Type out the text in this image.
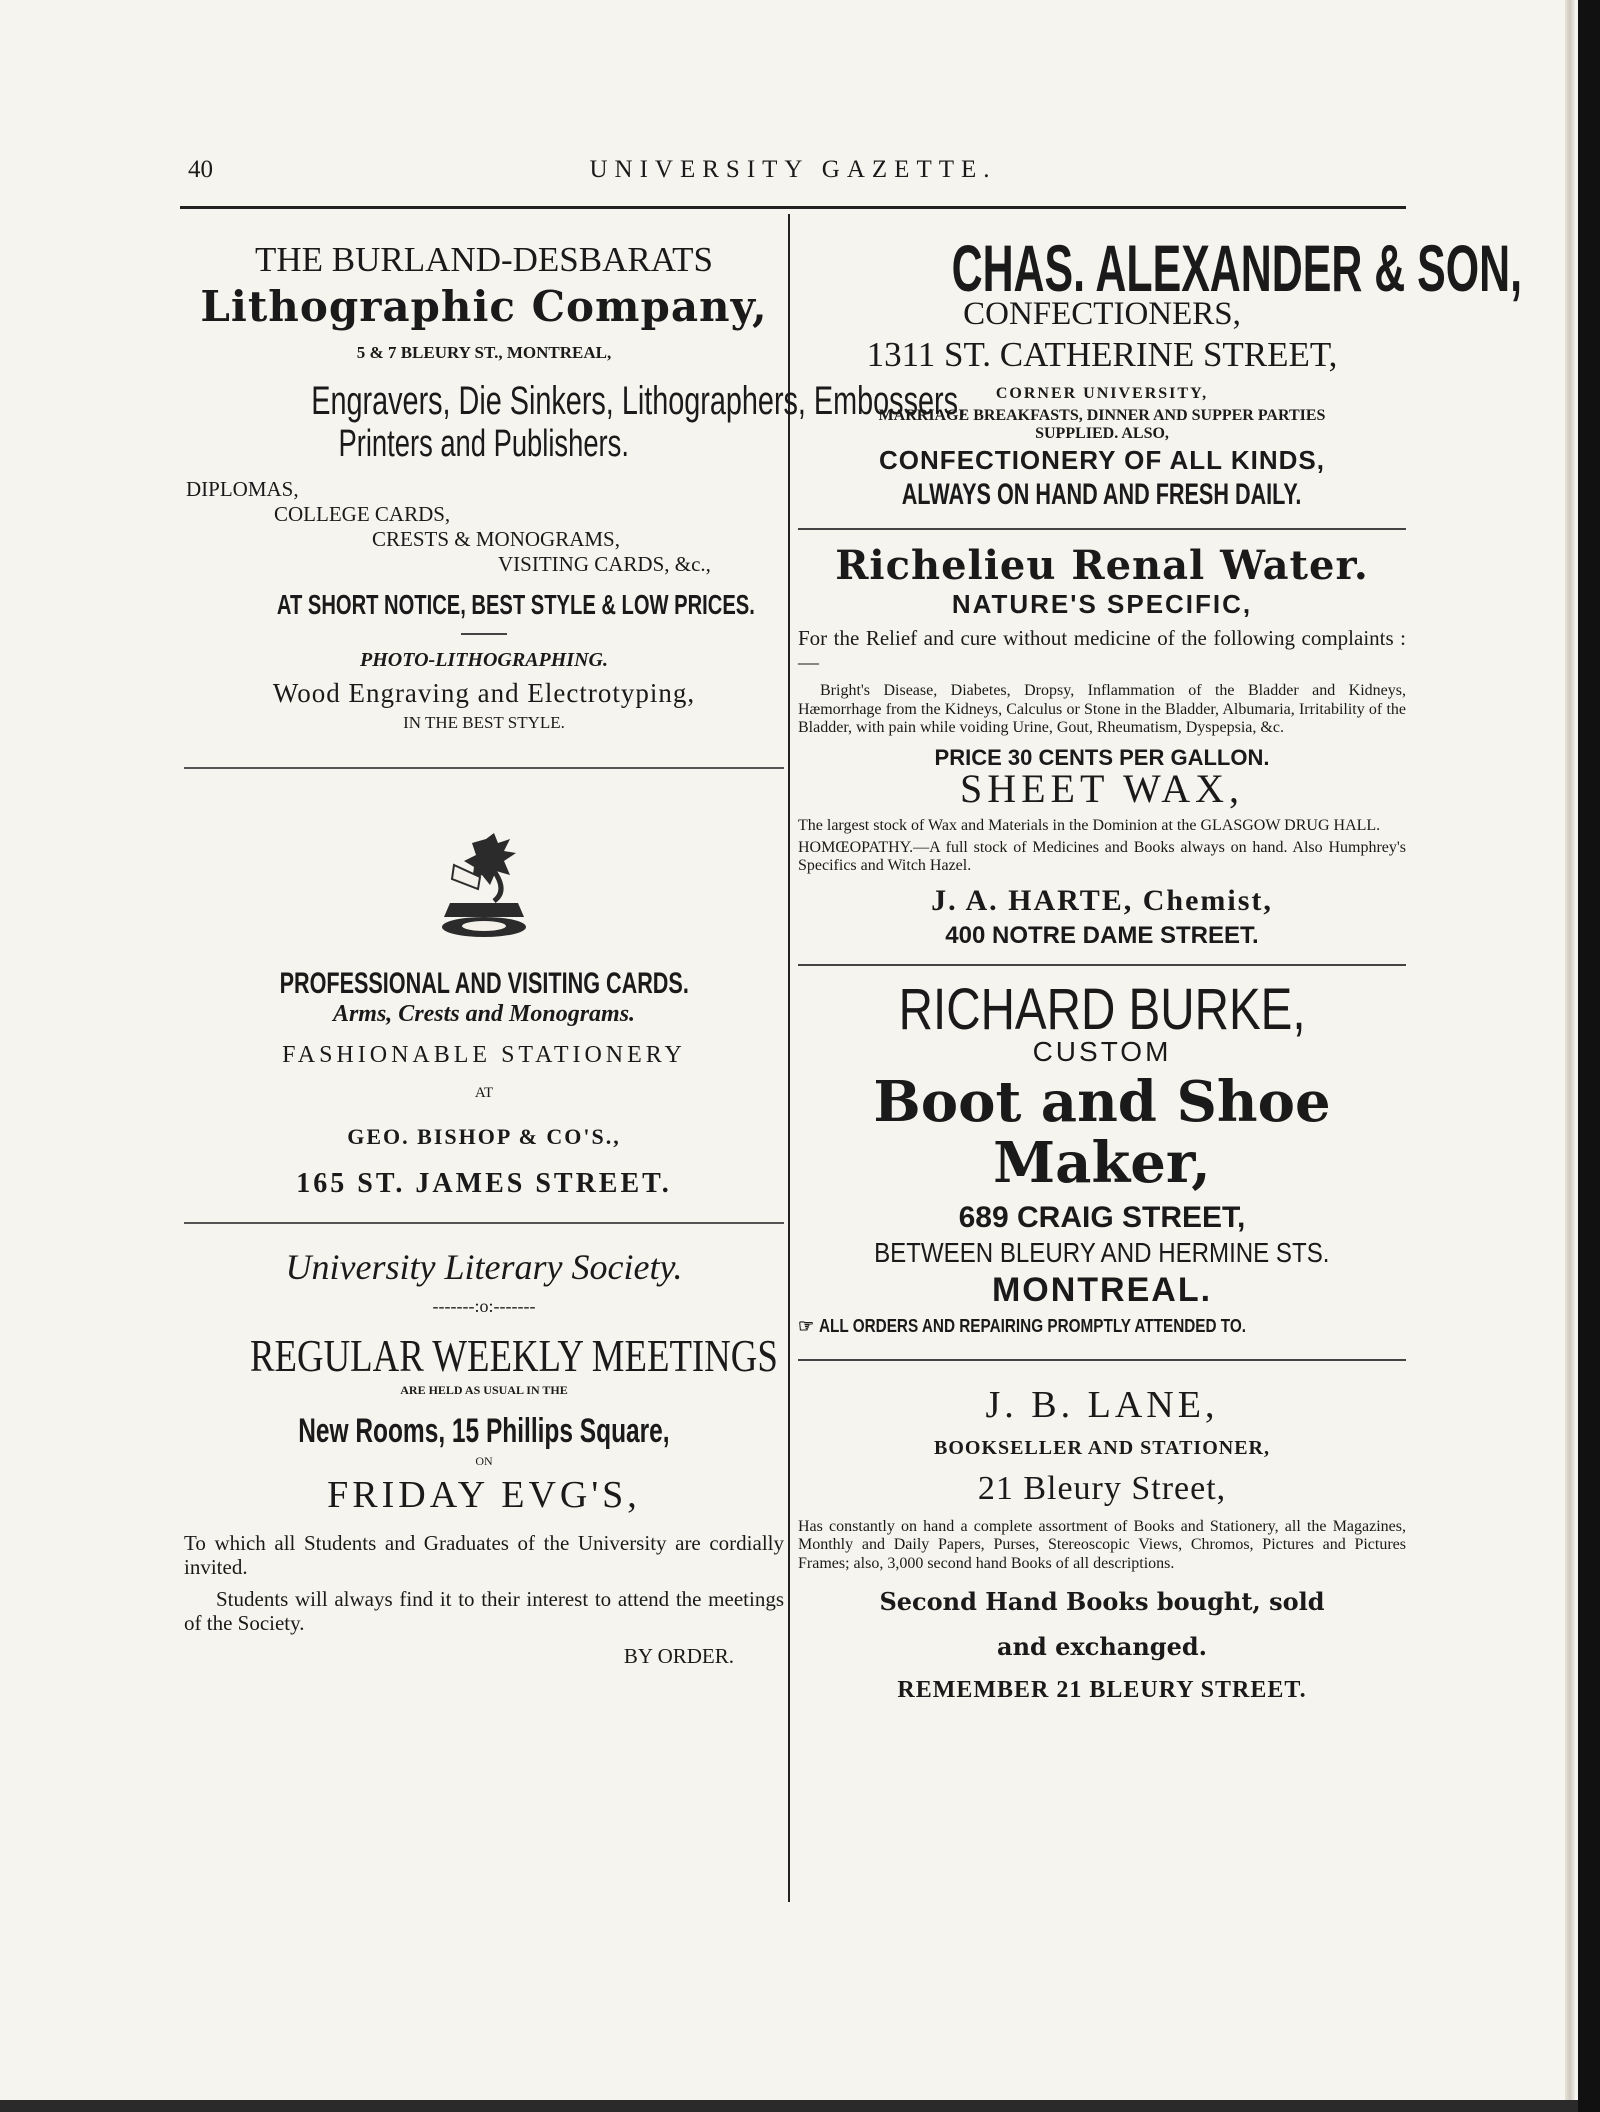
40	UNIVERSITY GAZETTE.
THE BURLAND-DESBARATS
Lithographic Company,
5 & 7 BLEURY ST., MONTREAL,
Engravers, Die Sinkers, Lithographers, Embossers,
Printers and Publishers.
DIPLOMAS,
COLLEGE CARDS,
CRESTS & MONOGRAMS,
VISITING CARDS, &c.,
AT SHORT NOTICE, BEST STYLE & LOW PRICES.
PHOTO-LITHOGRAPHING.
Wood Engraving and Electrotyping,
IN THE BEST STYLE.
PROFESSIONAL AND VISITING CARDS.
Arms, Crests and Monograms.
FASHIONABLE STATIONERY
AT
GEO. BISHOP & CO'S.,
165 ST. JAMES STREET.
University Literary Society.
-------:o:-------
REGULAR WEEKLY MEETINGS
ARE HELD AS USUAL IN THE
New Rooms, 15 Phillips Square,
ON
FRIDAY EVG'S,
To which all Students and Graduates of the University are cordially invited.
Students will always find it to their interest to attend the meetings of the Society.
BY ORDER.
CHAS. ALEXANDER & SON,
CONFECTIONERS,
1311 ST. CATHERINE STREET,
CORNER UNIVERSITY,
MARRIAGE BREAKFASTS, DINNER AND SUPPER PARTIES
SUPPLIED. ALSO,
CONFECTIONERY OF ALL KINDS,
ALWAYS ON HAND AND FRESH DAILY.
Richelieu Renal Water.
NATURE'S SPECIFIC,
For the Relief and cure without medicine of the following complaints :—
Bright's Disease, Diabetes, Dropsy, Inflammation of the Bladder and Kidneys, Hæmorrhage from the Kidneys, Calculus or Stone in the Bladder, Albumaria, Irritability of the Bladder, with pain while voiding Urine, Gout, Rheumatism, Dyspepsia, &c.
PRICE 30 CENTS PER GALLON.
SHEET WAX,
The largest stock of Wax and Materials in the Dominion at the GLASGOW DRUG HALL.
HOMŒOPATHY.—A full stock of Medicines and Books always on hand. Also Humphrey's Specifics and Witch Hazel.
J. A. HARTE, Chemist,
400 NOTRE DAME STREET.
RICHARD BURKE,
CUSTOM
Boot and Shoe Maker,
689 CRAIG STREET,
BETWEEN BLEURY AND HERMINE STS.
MONTREAL.
☞ ALL ORDERS AND REPAIRING PROMPTLY ATTENDED TO.
J. B. LANE,
BOOKSELLER AND STATIONER,
21 Bleury Street,
Has constantly on hand a complete assortment of Books and Stationery, all the Magazines, Monthly and Daily Papers, Purses, Stereoscopic Views, Chromos, Pictures and Pictures Frames; also, 3,000 second hand Books of all descriptions.
Second Hand Books bought, sold
and exchanged.
REMEMBER 21 BLEURY STREET.
